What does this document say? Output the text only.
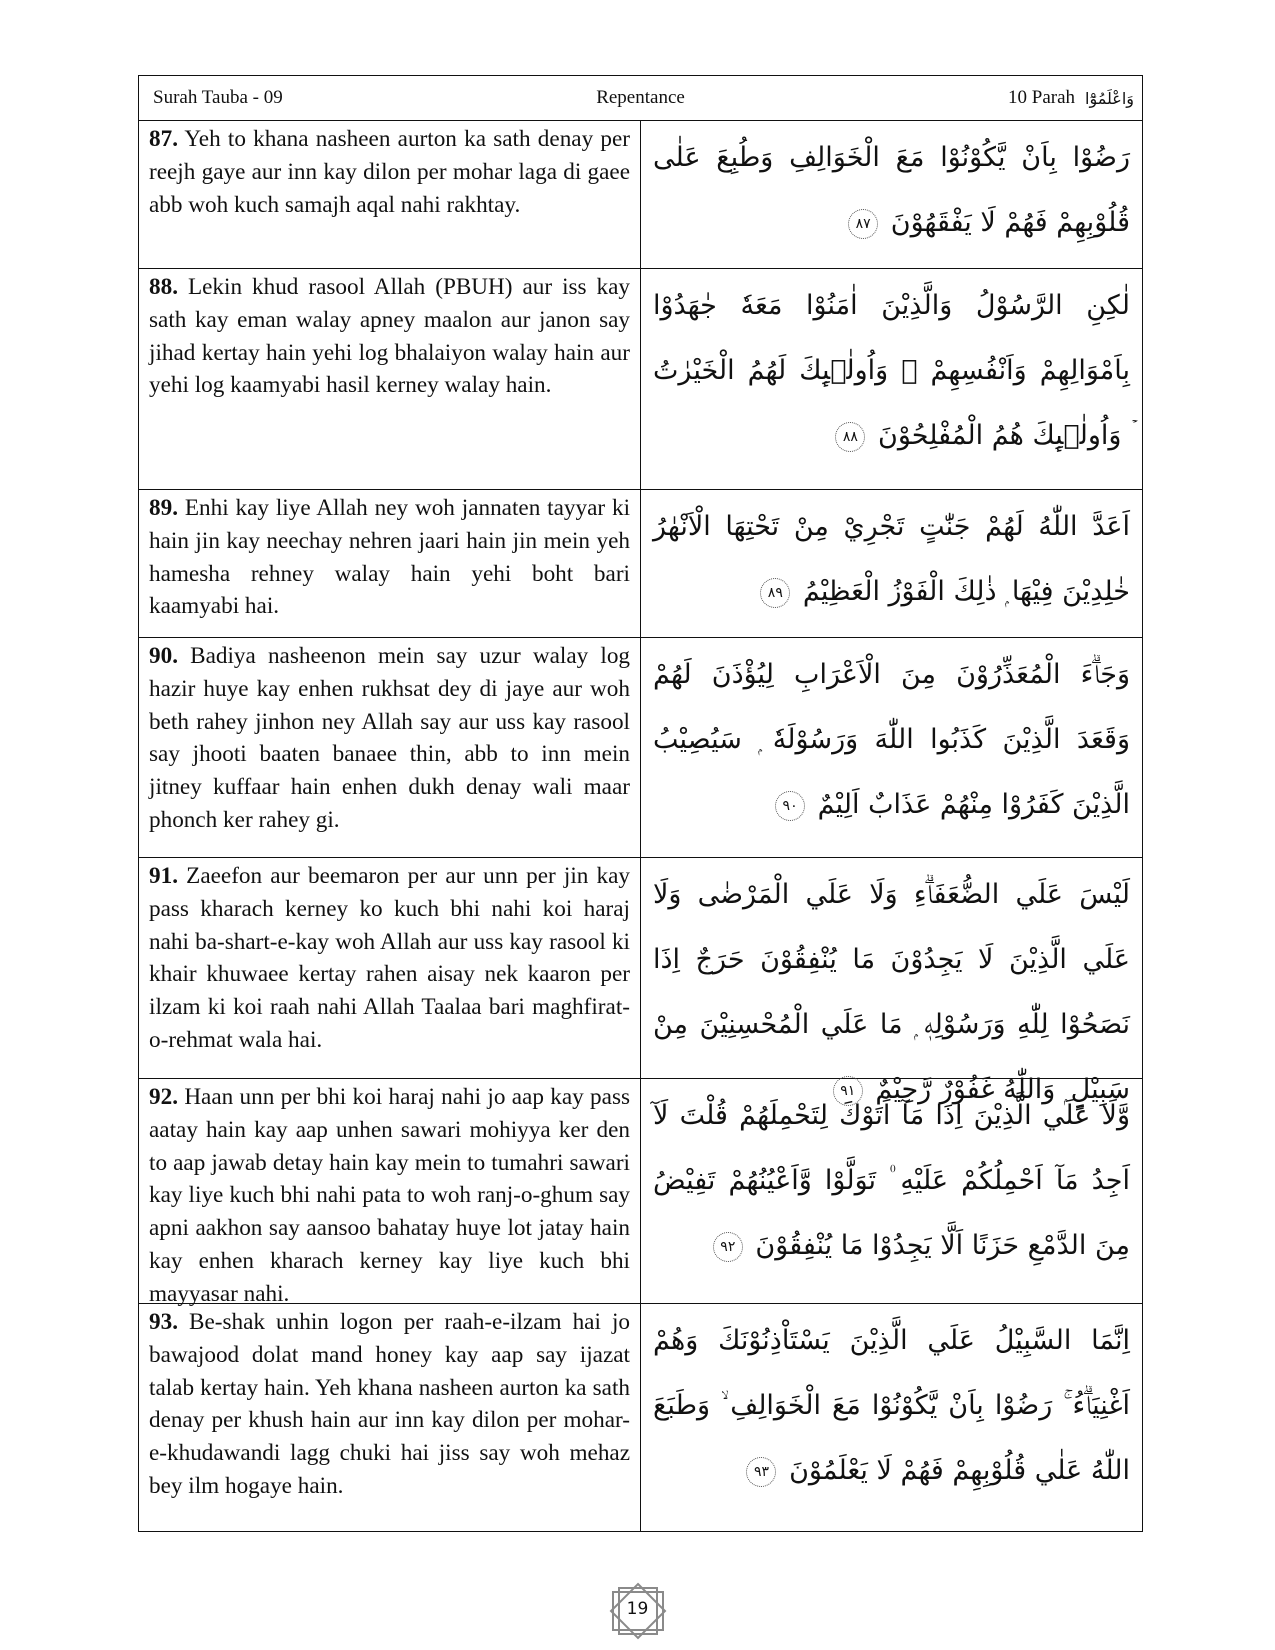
Surah Tauba - 09	Repentance	10 Parah وَاعْلَمُوْٓا
87. Yeh to khana nasheen aurton ka sath denay per reejh gaye aur inn kay dilon per mohar laga di gaee abb woh kuch samajh aqal nahi rakhtay.
رَضُوْا بِاَنْ يَّكُوْنُوْا مَعَ الْخَوَالِفِ وَطُبِعَ عَلٰى قُلُوْبِهِمْ فَهُمْ لَا يَفْقَهُوْنَ ٨٧
88. Lekin khud rasool Allah (PBUH) aur iss kay sath kay eman walay apney maalon aur janon say jihad kertay hain yehi log bhalaiyon walay hain aur yehi log kaamyabi hasil kerney walay hain.
لٰكِنِ الرَّسُوْلُ وَالَّذِيْنَ اٰمَنُوْا مَعَهٗ جٰهَدُوْا بِاَمْوَالِهِمْ وَاَنْفُسِهِمْ ۭ وَاُولٰۗىِٕكَ لَهُمُ الْخَيْرٰتُ ۡ وَاُولٰۗىِٕكَ هُمُ الْمُفْلِحُوْنَ ٨٨
89. Enhi kay liye Allah ney woh jannaten tayyar ki hain jin kay neechay nehren jaari hain jin mein yeh hamesha rehney walay hain yehi boht bari kaamyabi hai.
اَعَدَّ اللّٰهُ لَهُمْ جَنّٰتٍ تَجْرِيْ مِنْ تَحْتِهَا الْاَنْهٰرُ خٰلِدِيْنَ فِيْهَا ۭ ذٰلِكَ الْفَوْزُ الْعَظِيْمُ ٨٩
90. Badiya nasheenon mein say uzur walay log hazir huye kay enhen rukhsat dey di jaye aur woh beth rahey jinhon ney Allah say aur uss kay rasool say jhooti baaten banaee thin, abb to inn mein jitney kuffaar hain enhen dukh denay wali maar phonch ker rahey gi.
وَجَاۗءَ الْمُعَذِّرُوْنَ مِنَ الْاَعْرَابِ لِيُؤْذَنَ لَهُمْ وَقَعَدَ الَّذِيْنَ كَذَبُوا اللّٰهَ وَرَسُوْلَهٗ ۭ سَيُصِيْبُ الَّذِيْنَ كَفَرُوْا مِنْهُمْ عَذَابٌ اَلِيْمٌ ٩٠
91. Zaeefon aur beemaron per aur unn per jin kay pass kharach kerney ko kuch bhi nahi koi haraj nahi ba-shart-e-kay woh Allah aur uss kay rasool ki khair khuwaee kertay rahen aisay nek kaaron per ilzam ki koi raah nahi Allah Taalaa bari maghfirat-o-rehmat wala hai.
لَيْسَ عَلَي الضُّعَفَاۗءِ وَلَا عَلَي الْمَرْضٰى وَلَا عَلَي الَّذِيْنَ لَا يَجِدُوْنَ مَا يُنْفِقُوْنَ حَرَجٌ اِذَا نَصَحُوْا لِلّٰهِ وَرَسُوْلِهٖ ۭ مَا عَلَي الْمُحْسِنِيْنَ مِنْ سَبِيْلٍ ۭ وَاللّٰهُ غَفُوْرٌ رَّحِيْمٌ ٩١
92. Haan unn per bhi koi haraj nahi jo aap kay pass aatay hain kay aap unhen sawari mohiyya ker den to aap jawab detay hain kay mein to tumahri sawari kay liye kuch bhi nahi pata to woh ranj-o-ghum say apni aakhon say aansoo bahatay huye lot jatay hain kay enhen kharach kerney kay liye kuch bhi mayyasar nahi.
وَّلَا عَلَي الَّذِيْنَ اِذَا مَآ اَتَوْكَ لِتَحْمِلَهُمْ قُلْتَ لَآ اَجِدُ مَآ اَحْمِلُكُمْ عَلَيْهِ ۠ تَوَلَّوْا وَّاَعْيُنُهُمْ تَفِيْضُ مِنَ الدَّمْعِ حَزَنًا اَلَّا يَجِدُوْا مَا يُنْفِقُوْنَ ٩٢
93. Be-shak unhin logon per raah-e-ilzam hai jo bawajood dolat mand honey kay aap say ijazat talab kertay hain. Yeh khana nasheen aurton ka sath denay per khush hain aur inn kay dilon per mohar-e-khudawandi lagg chuki hai jiss say woh mehaz bey ilm hogaye hain.
اِنَّمَا السَّبِيْلُ عَلَي الَّذِيْنَ يَسْتَاْذِنُوْنَكَ وَهُمْ اَغْنِيَاۗءُ ۚ رَضُوْا بِاَنْ يَّكُوْنُوْا مَعَ الْخَوَالِفِ ۙ وَطَبَعَ اللّٰهُ عَلٰي قُلُوْبِهِمْ فَهُمْ لَا يَعْلَمُوْنَ ٩٣
19
